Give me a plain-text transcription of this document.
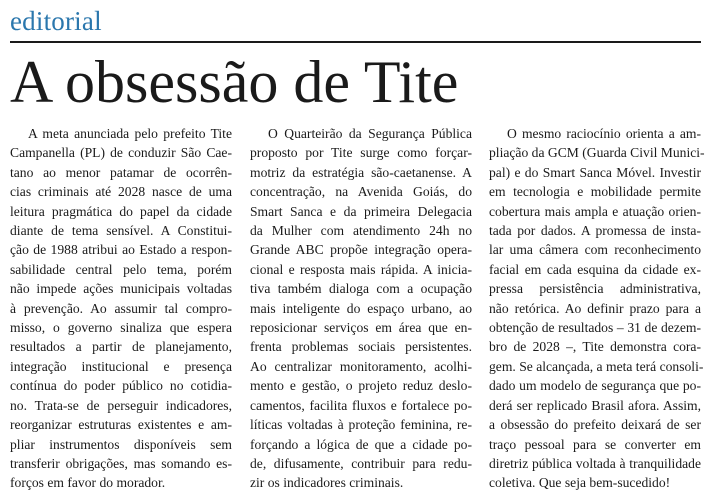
editorial
A obsessão de Tite
A meta anunciada pelo prefeito Tite
Campanella (PL) de conduzir São Cae-
tano ao menor patamar de ocorrên-
cias criminais até 2028 nasce de uma
leitura pragmática do papel da cidade
diante de tema sensível. A Constitui-
ção de 1988 atribui ao Estado a respon-
sabilidade central pelo tema, porém
não impede ações municipais voltadas
à prevenção. Ao assumir tal compro-
misso, o governo sinaliza que espera
resultados a partir de planejamento,
integração institucional e presença
contínua do poder público no cotidia-
no. Trata-se de perseguir indicadores,
reorganizar estruturas existentes e am-
pliar instrumentos disponíveis sem
transferir obrigações, mas somando es-
forços em favor do morador.
O Quarteirão da Segurança Pública
proposto por Tite surge como forçar-
motriz da estratégia são-caetanense. A
concentração, na Avenida Goiás, do
Smart Sanca e da primeira Delegacia
da Mulher com atendimento 24h no
Grande ABC propõe integração opera-
cional e resposta mais rápida. A inicia-
tiva também dialoga com a ocupação
mais inteligente do espaço urbano, ao
reposicionar serviços em área que en-
frenta problemas sociais persistentes.
Ao centralizar monitoramento, acolhi-
mento e gestão, o projeto reduz deslo-
camentos, facilita fluxos e fortalece po-
líticas voltadas à proteção feminina, re-
forçando a lógica de que a cidade po-
de, difusamente, contribuir para redu-
zir os indicadores criminais.
O mesmo raciocínio orienta a am-
pliação da GCM (Guarda Civil Munici-
pal) e do Smart Sanca Móvel. Investir
em tecnologia e mobilidade permite
cobertura mais ampla e atuação orien-
tada por dados. A promessa de insta-
lar uma câmera com reconhecimento
facial em cada esquina da cidade ex-
pressa persistência administrativa,
não retórica. Ao definir prazo para a
obtenção de resultados – 31 de dezem-
bro de 2028 –, Tite demonstra cora-
gem. Se alcançada, a meta terá consoli-
dado um modelo de segurança que po-
derá ser replicado Brasil afora. Assim,
a obsessão do prefeito deixará de ser
traço pessoal para se converter em
diretriz pública voltada à tranquilidade
coletiva. Que seja bem-sucedido!
